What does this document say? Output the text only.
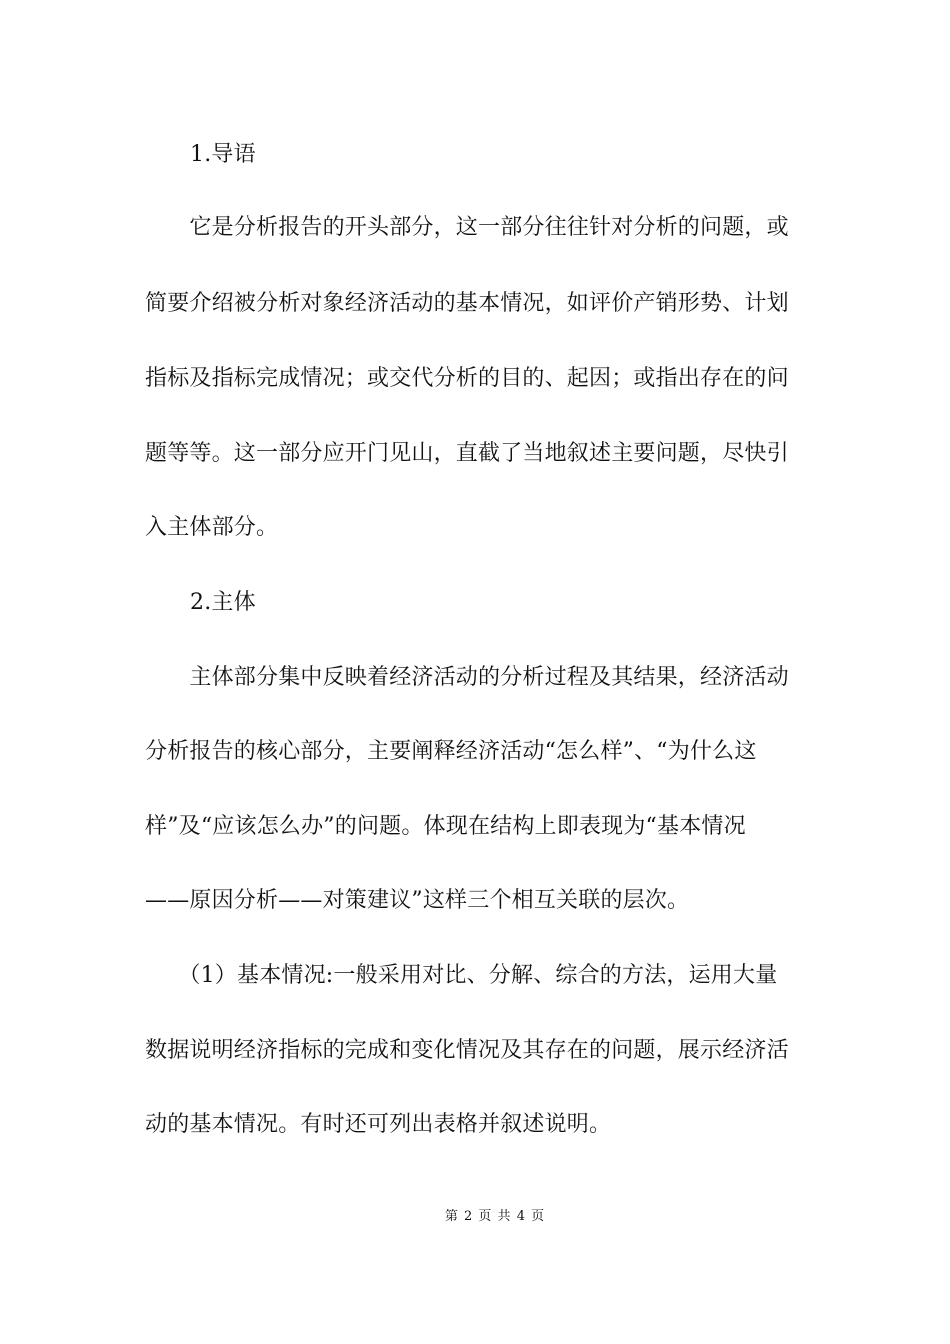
1.导语
　　它是分析报告的开头部分，这一部分往往针对分析的问题，或
简要介绍被分析对象经济活动的基本情况，如评价产销形势、计划
指标及指标完成情况；或交代分析的目的、起因；或指出存在的问
题等等。这一部分应开门见山，直截了当地叙述主要问题，尽快引
入主体部分。
2.主体
　　主体部分集中反映着经济活动的分析过程及其结果，经济活动
分析报告的核心部分，主要阐释经济活动“怎么样”、“为什么这
样”及“应该怎么办”的问题。体现在结构上即表现为“基本情况
——原因分析——对策建议”这样三个相互关联的层次。
　　（1）基本情况:一般采用对比、分解、综合的方法，运用大量
数据说明经济指标的完成和变化情况及其存在的问题，展示经济活
动的基本情况。有时还可列出表格并叙述说明。
第 2 页 共 4 页
